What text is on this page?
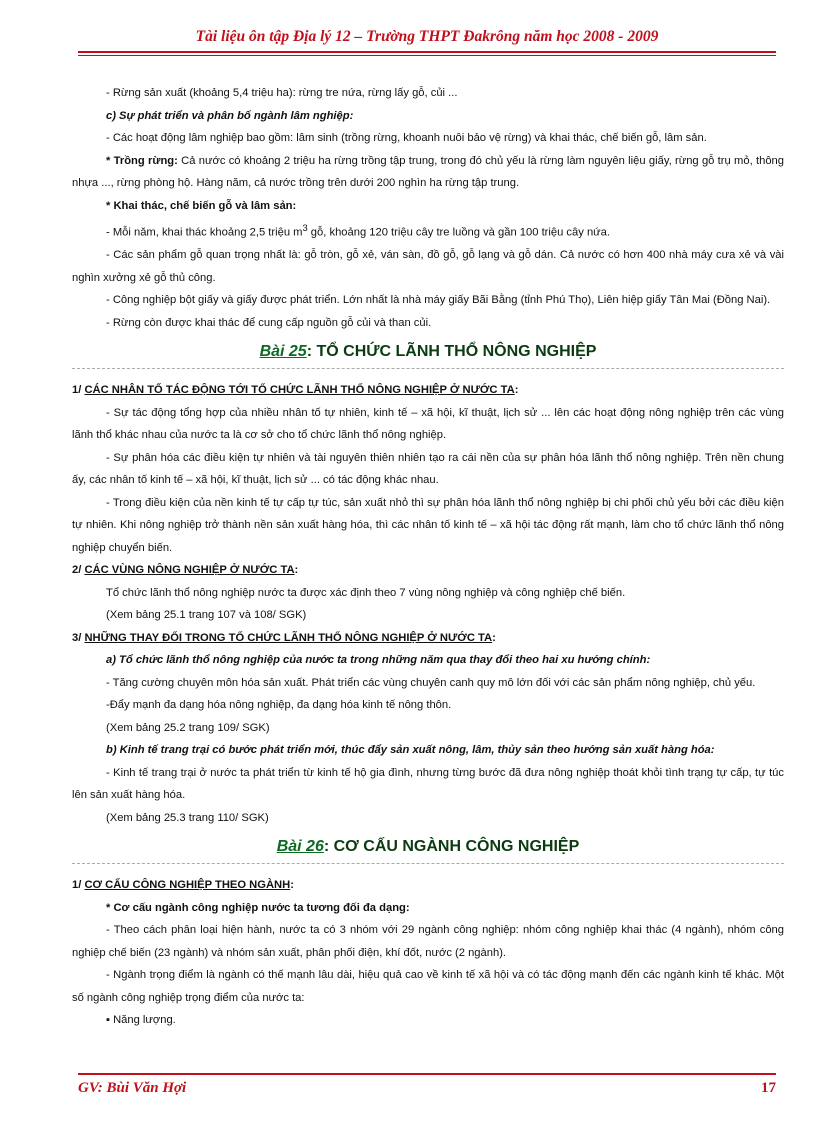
Tài liệu ôn tập Địa lý 12 – Trường THPT Đakrông năm học 2008 - 2009

- Rừng sản xuất (khoảng 5,4 triệu ha): rừng tre nứa, rừng lấy gỗ, củi ...

c) Sự phát triển và phân bố ngành lâm nghiệp:

- Các hoạt động lâm nghiệp bao gồm: lâm sinh (trồng rừng, khoanh nuôi bảo vệ rừng) và khai thác, chế biến gỗ, lâm sản.

* Trồng rừng: Cả nước có khoảng 2 triệu ha rừng trồng tập trung, trong đó chủ yếu là rừng làm nguyên liệu giấy, rừng gỗ trụ mỏ, thông nhựa ..., rừng phòng hộ. Hàng năm, cả nước trồng trên dưới 200 nghìn ha rừng tập trung.

* Khai thác, chế biến gỗ và lâm sản:

- Mỗi năm, khai thác khoảng 2,5 triệu $m^3$ gỗ, khoảng 120 triệu cây tre luồng và gần 100 triệu cây nứa.

- Các sản phẩm gỗ quan trọng nhất là: gỗ tròn, gỗ xẻ, ván sàn, đồ gỗ, gỗ lạng và gỗ dán. Cả nước có hơn 400 nhà máy cưa xẻ và vài nghìn xưởng xẻ gỗ thủ công.

- Công nghiệp bột giấy và giấy được phát triển. Lớn nhất là nhà máy giấy Bãi Bằng (tỉnh Phú Thọ), Liên hiệp giấy Tân Mai (Đồng Nai).

- Rừng còn được khai thác để cung cấp nguồn gỗ củi và than củi.

Bài 25: TỔ CHỨC LÃNH THỔ NÔNG NGHIỆP

1/ CÁC NHÂN TỐ TÁC ĐỘNG TỚI TỔ CHỨC LÃNH THỔ NÔNG NGHIỆP Ở NƯỚC TA:

- Sự tác động tổng hợp của nhiều nhân tố tự nhiên, kinh tế – xã hội, kĩ thuật, lịch sử ... lên các hoạt động nông nghiệp trên các vùng lãnh thổ khác nhau của nước ta là cơ sở cho tổ chức lãnh thổ nông nghiệp.

- Sự phân hóa các điều kiện tự nhiên và tài nguyên thiên nhiên tạo ra cái nền của sự phân hóa lãnh thổ nông nghiệp. Trên nền chung ấy, các nhân tố kinh tế – xã hội, kĩ thuật, lịch sử ... có tác động khác nhau.

- Trong điều kiện của nền kinh tế tự cấp tự túc, sản xuất nhỏ thì sự phân hóa lãnh thổ nông nghiệp bị chi phối chủ yếu bởi các điều kiện tự nhiên. Khi nông nghiệp trở thành nền sản xuất hàng hóa, thì các nhân tố kinh tế – xã hội tác động rất mạnh, làm cho tổ chức lãnh thổ nông nghiệp chuyển biến.

2/ CÁC VÙNG NÔNG NGHIỆP Ở NƯỚC TA:

Tổ chức lãnh thổ nông nghiệp nước ta được xác định theo 7 vùng nông nghiệp và công nghiệp chế biến.

(Xem bảng 25.1 trang 107 và 108/ SGK)

3/ NHỮNG THAY ĐỔI TRONG TỔ CHỨC LÃNH THỔ NÔNG NGHIỆP Ở NƯỚC TA:

a) Tổ chức lãnh thổ nông nghiệp của nước ta trong những năm qua thay đổi theo hai xu hướng chính:

- Tăng cường chuyên môn hóa sản xuất. Phát triển các vùng chuyên canh quy mô lớn đối với các sản phẩm nông nghiệp, chủ yếu.

-Đẩy mạnh đa dạng hóa nông nghiệp, đa dạng hóa kinh tế nông thôn.

(Xem bảng 25.2 trang 109/ SGK)

b) Kinh tế trang trại có bước phát triển mới, thúc đẩy sản xuất nông, lâm, thủy sản theo hướng sản xuất hàng hóa:

- Kinh tế trang trại ở nước ta phát triển từ kinh tế hộ gia đình, nhưng từng bước đã đưa nông nghiệp thoát khỏi tình trạng tự cấp, tự túc lên sản xuất hàng hóa.

(Xem bảng 25.3 trang 110/ SGK)

Bài 26: CƠ CẤU NGÀNH CÔNG NGHIỆP

1/ CƠ CẤU CÔNG NGHIỆP THEO NGÀNH:

* Cơ cấu ngành công nghiệp nước ta tương đối đa dạng:

- Theo cách phân loại hiện hành, nước ta có 3 nhóm với 29 ngành công nghiệp: nhóm công nghiệp khai thác (4 ngành), nhóm công nghiệp chế biến (23 ngành) và nhóm sản xuất, phân phối điện, khí đốt, nước (2 ngành).

- Ngành trọng điểm là ngành có thế mạnh lâu dài, hiệu quả cao về kinh tế xã hội và có tác động mạnh đến các ngành kinh tế khác. Một số ngành công nghiệp trọng điểm của nước ta:

▪ Năng lượng.

GV: Bùi Văn Hợi	17
